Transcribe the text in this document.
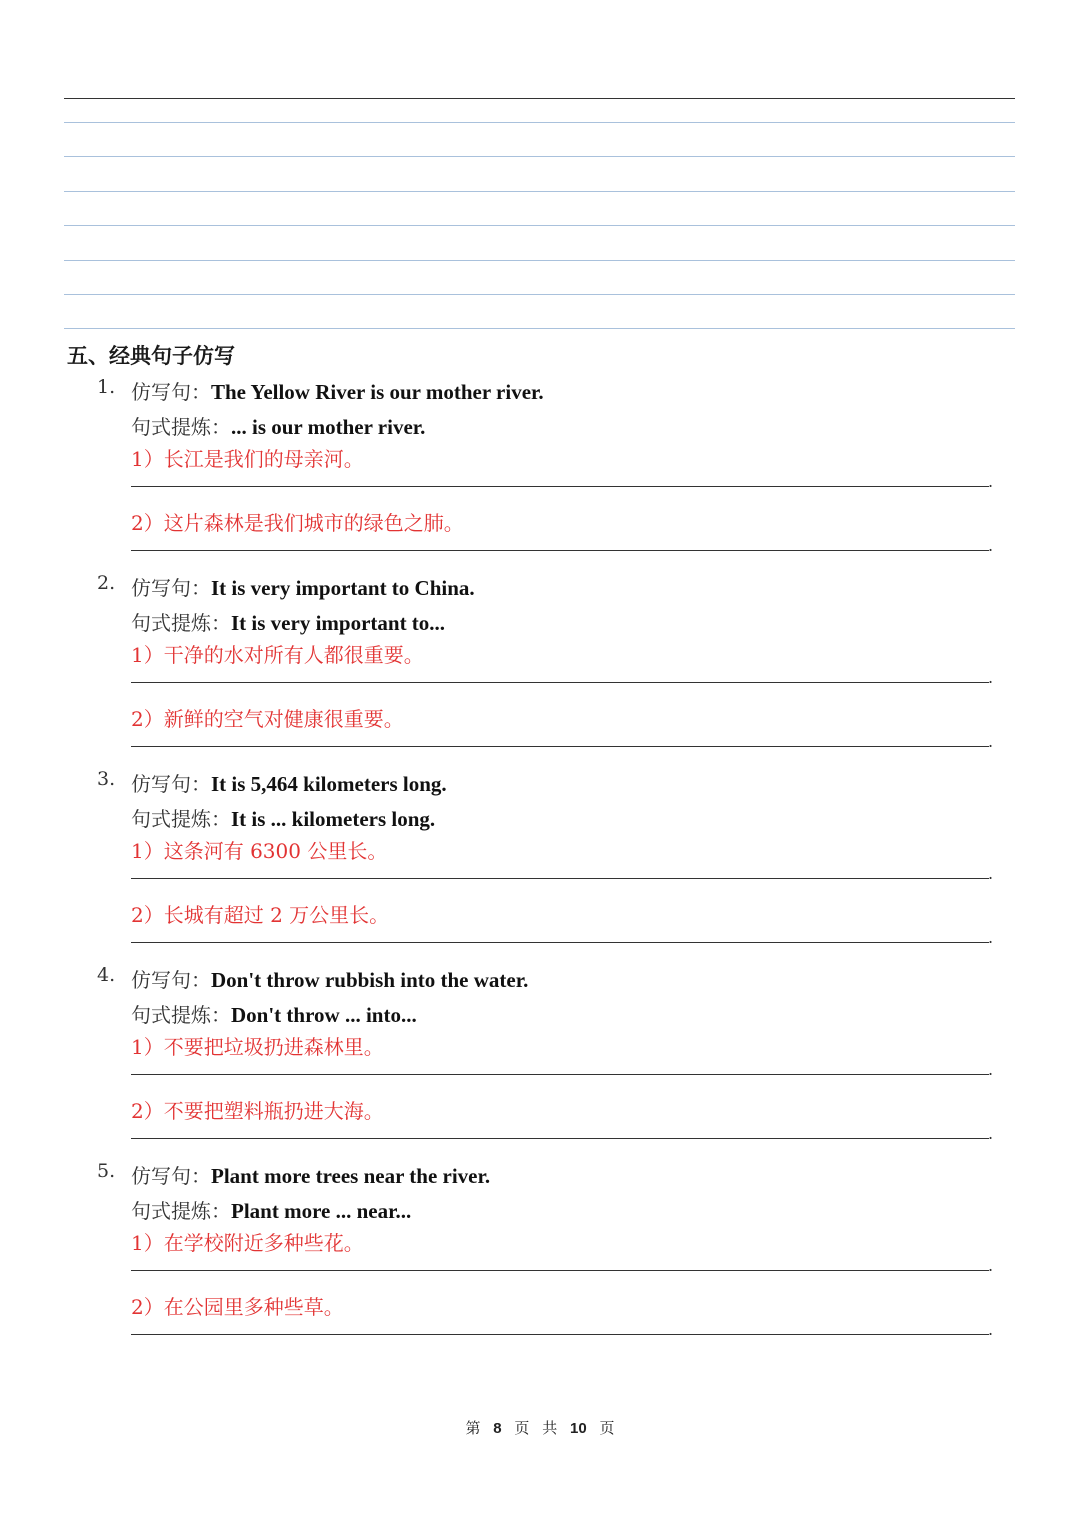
五、经典句子仿写
1. 仿写句：The Yellow River is our mother river.
句式提炼：... is our mother river.
1）长江是我们的母亲河。
.
2）这片森林是我们城市的绿色之肺。
.
2. 仿写句：It is very important to China.
句式提炼：It is very important to...
1）干净的水对所有人都很重要。
.
2）新鲜的空气对健康很重要。
.
3. 仿写句：It is 5,464 kilometers long.
句式提炼：It is ... kilometers long.
1）这条河有 6300 公里长。
.
2）长城有超过 2 万公里长。
.
4. 仿写句：Don't throw rubbish into the water.
句式提炼：Don't throw ... into...
1）不要把垃圾扔进森林里。
.
2）不要把塑料瓶扔进大海。
.
5. 仿写句：Plant more trees near the river.
句式提炼：Plant more ... near...
1）在学校附近多种些花。
.
2）在公园里多种些草。
.
第 8 页 共 10 页
